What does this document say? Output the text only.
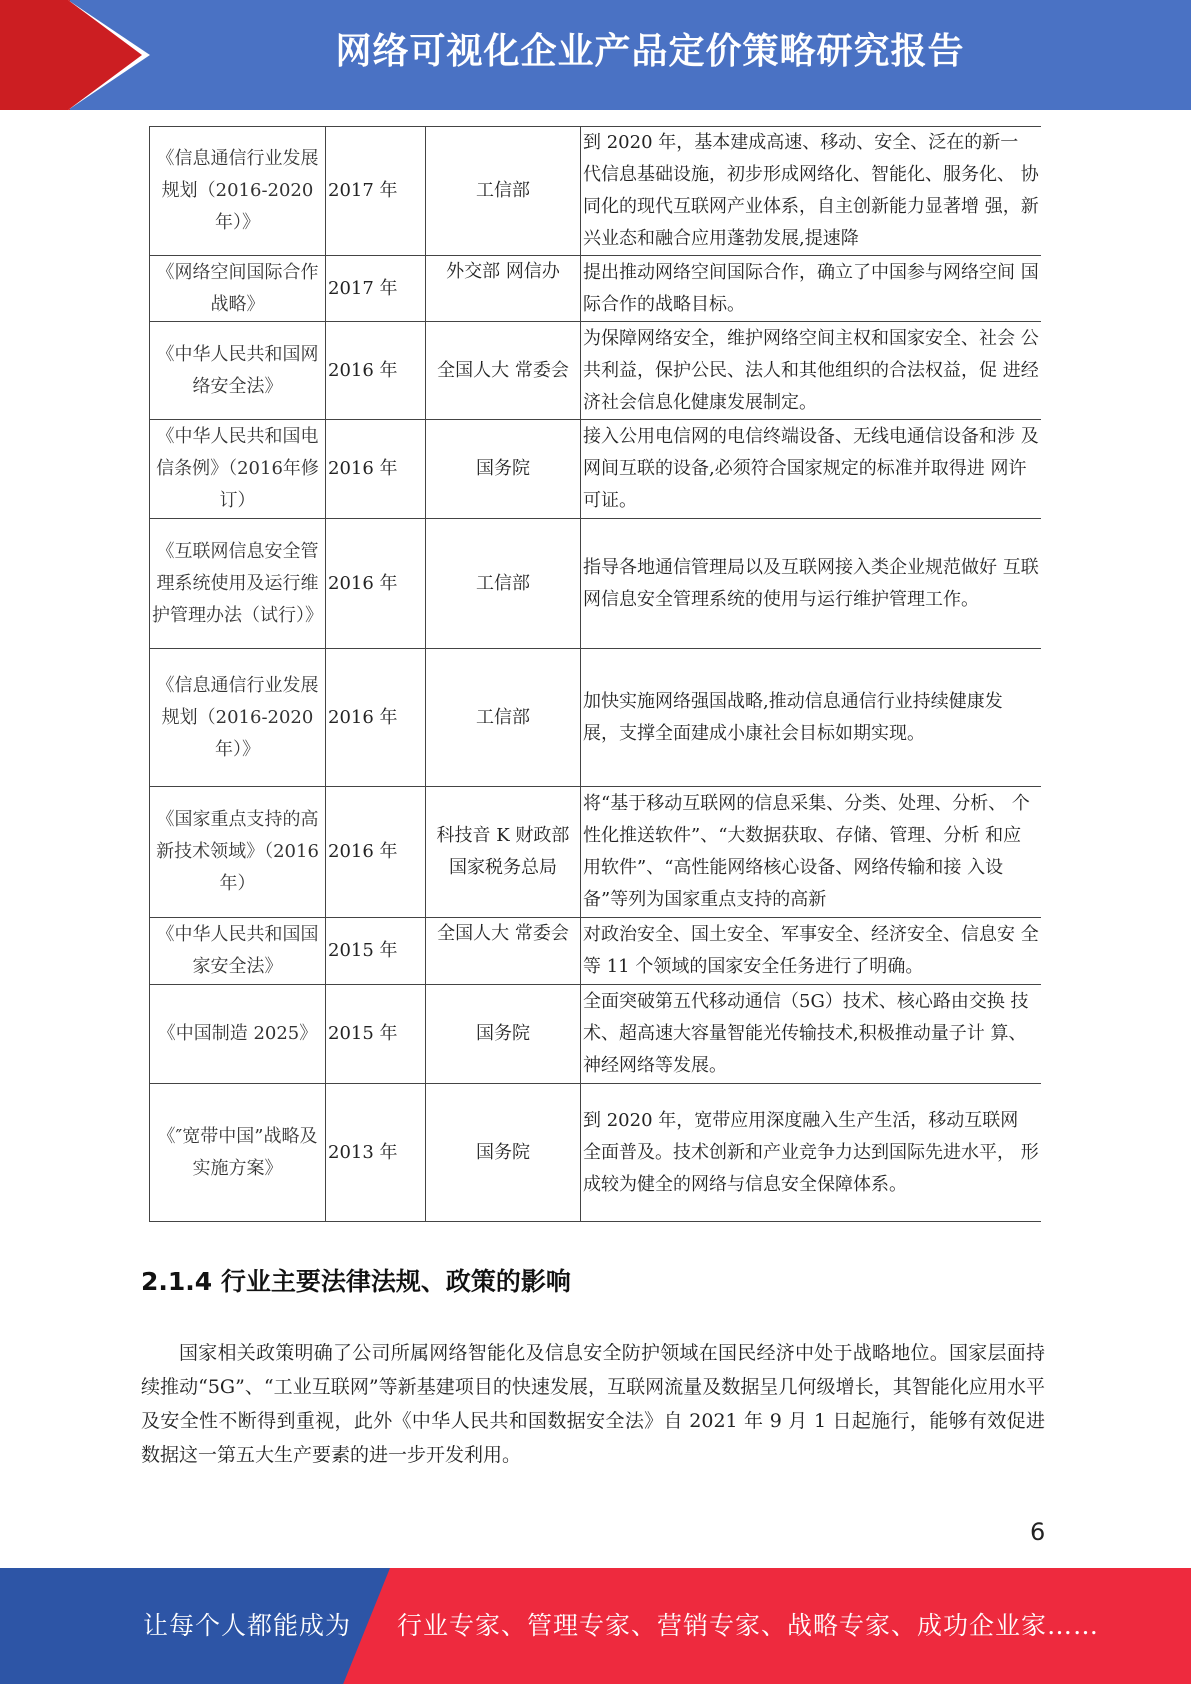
网络可视化企业产品定价策略研究报告
《信息通信行业发展规划（2016-2020年）》	2017 年	工信部	到 2020 年，基本建成高速、移动、安全、泛在的新一 代信息基础设施，初步形成网络化、智能化、服务化、 协同化的现代互联网产业体系，自主创新能力显著增 强，新兴业态和融合应用蓬勃发展,提速降
《网络空间国际合作战略》	2017 年	外交部 网信办	提出推动网络空间国际合作，确立了中国参与网络空间 国际合作的战略目标。
《中华人民共和国网络安全法》	2016 年	全国人大 常委会	为保障网络安全，维护网络空间主权和国家安全、社会 公共利益，保护公民、法人和其他组织的合法权益，促 进经济社会信息化健康发展制定。
《中华人民共和国电信条例》（2016年修订）	2016 年	国务院	接入公用电信网的电信终端设备、无线电通信设备和涉 及网间互联的设备,必须符合国家规定的标准并取得进 网许可证。
《互联网信息安全管理系统使用及运行维护管理办法（试行）》	2016 年	工信部	指导各地通信管理局以及互联网接入类企业规范做好 互联网信息安全管理系统的使用与运行维护管理工作。
《信息通信行业发展规划（2016-2020年）》	2016 年	工信部	加快实施网络强国战略,推动信息通信行业持续健康发 展，支撑全面建成小康社会目标如期实现。
《国家重点支持的高新技术领域》（2016 年）	2016 年	科技音 K 财政部国家税务总局	将“基于移动互联网的信息采集、分类、处理、分析、 个性化推送软件”、“大数据获取、存储、管理、分析 和应用软件”、“高性能网络核心设备、网络传输和接 入设备”等列为国家重点支持的高新
《中华人民共和国国家安全法》	2015 年	全国人大 常委会	对政治安全、国土安全、军事安全、经济安全、信息安 全等 11 个领域的国家安全任务进行了明确。
《中国制造 2025》	2015 年	国务院	全面突破第五代移动通信（5G）技术、核心路由交换 技术、超高速大容量智能光传输技术,积极推动量子计 算、神经网络等发展。
《″宽带中国”战略及实施方案》	2013 年	国务院	到 2020 年，宽带应用深度融入生产生活，移动互联网 全面普及。技术创新和产业竞争力达到国际先进水平， 形成较为健全的网络与信息安全保障体系。
2.1.4 行业主要法律法规、政策的影响
国家相关政策明确了公司所属网络智能化及信息安全防护领域在国民经济中处于战略地位。国家层面持续推动“5G”、“工业互联网”等新基建项目的快速发展，互联网流量及数据呈几何级增长，其智能化应用水平及安全性不断得到重视，此外《中华人民共和国数据安全法》自 2021 年 9 月 1 日起施行，能够有效促进数据这一第五大生产要素的进一步开发利用。
6
让每个人都能成为 行业专家、管理专家、营销专家、战略专家、成功企业家……
